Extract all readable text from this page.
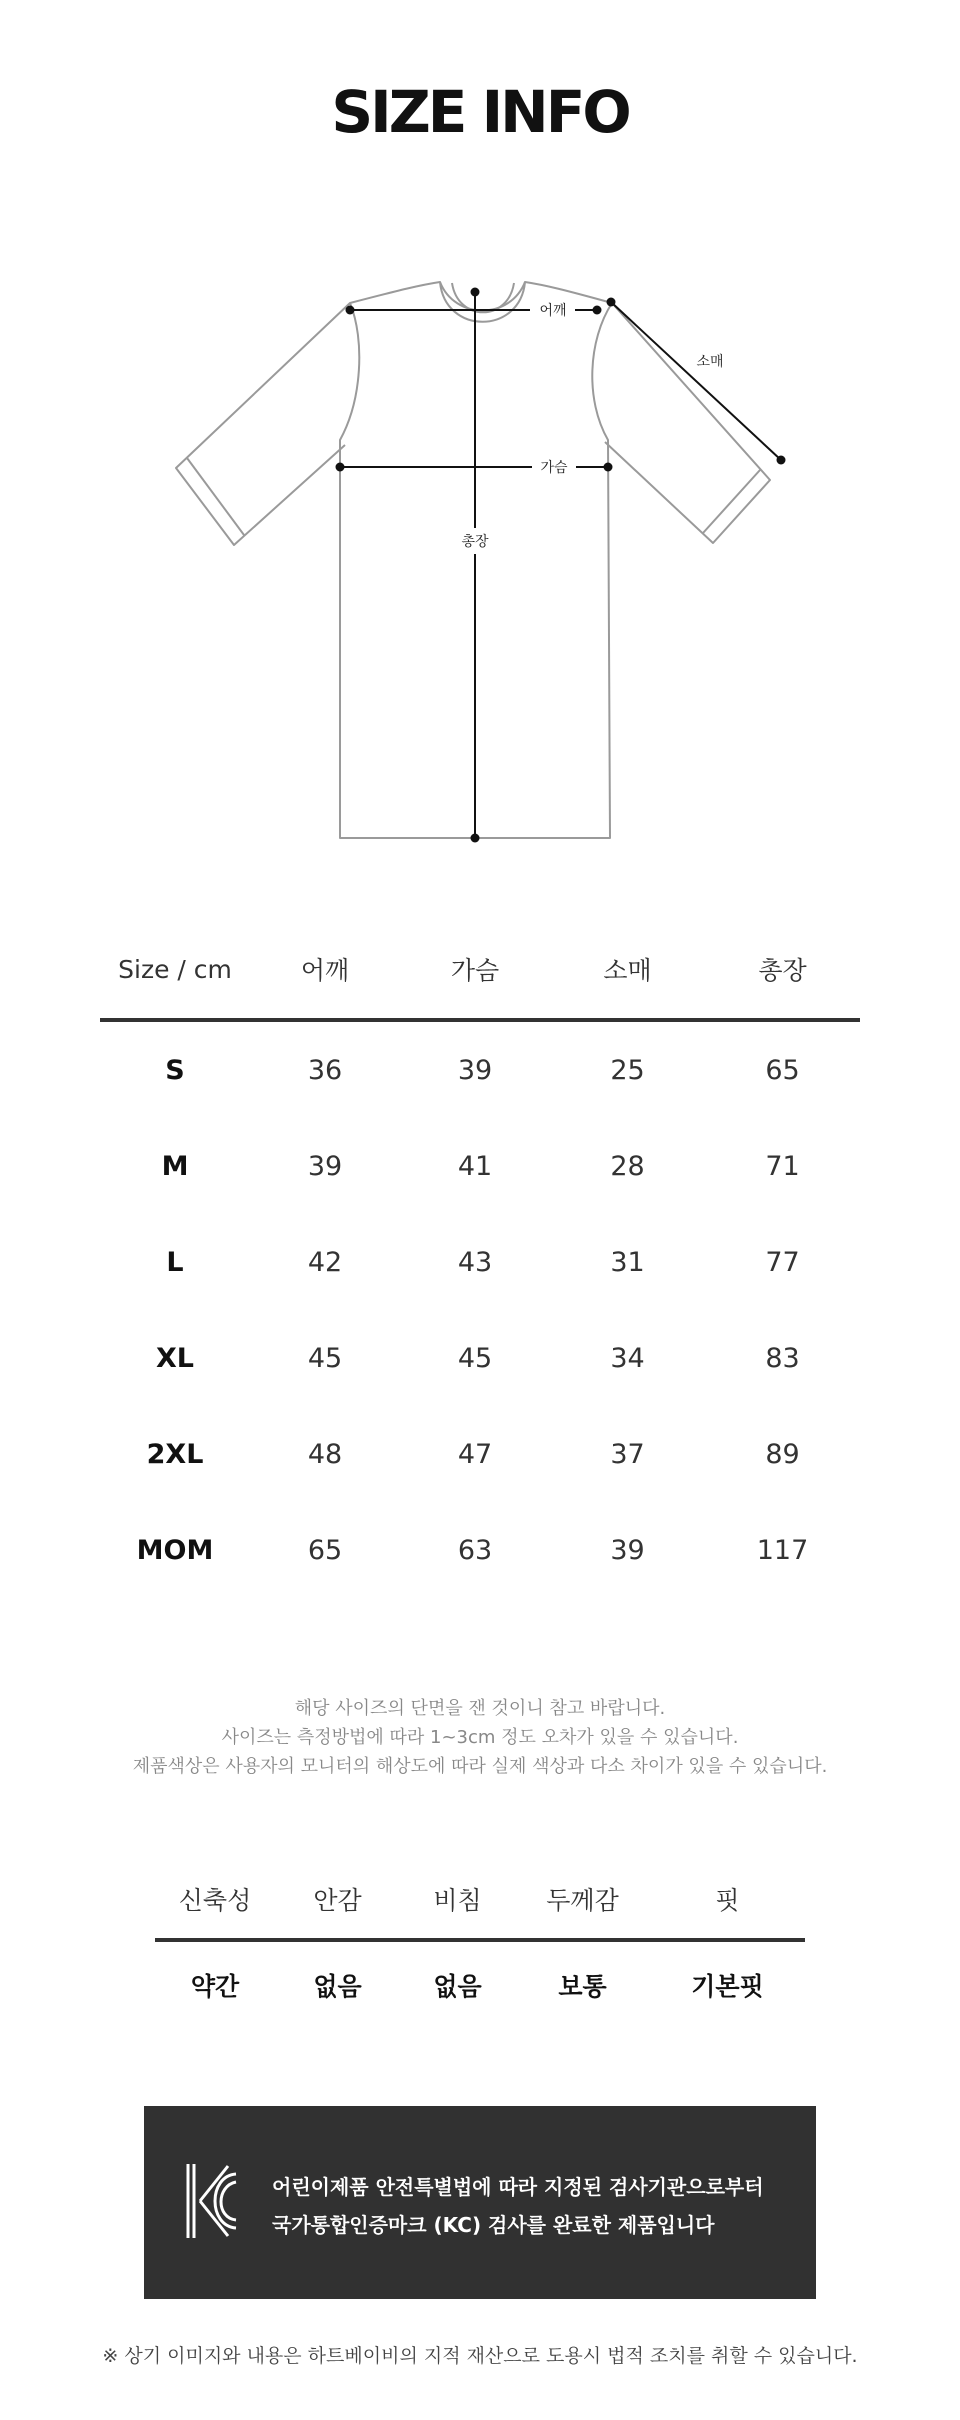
SIZE INFO
어깨
가슴
소매
총장
Size / cm	어깨	가슴	소매	총장
S	36	39	25	65
M	39	41	28	71
L	42	43	31	77
XL	45	45	34	83
2XL	48	47	37	89
MOM	65	63	39	117
해당 사이즈의 단면을 잰 것이니 참고 바랍니다.
사이즈는 측정방법에 따라 1~3cm 정도 오차가 있을 수 있습니다.
제품색상은 사용자의 모니터의 해상도에 따라 실제 색상과 다소 차이가 있을 수 있습니다.
신축성	안감	비침	두께감	핏
약간	없음	없음	보통	기본핏
어린이제품 안전특별법에 따라 지정된 검사기관으로부터
국가통합인증마크 (KC) 검사를 완료한 제품입니다
※ 상기 이미지와 내용은 하트베이비의 지적 재산으로 도용시 법적 조치를 취할 수 있습니다.
